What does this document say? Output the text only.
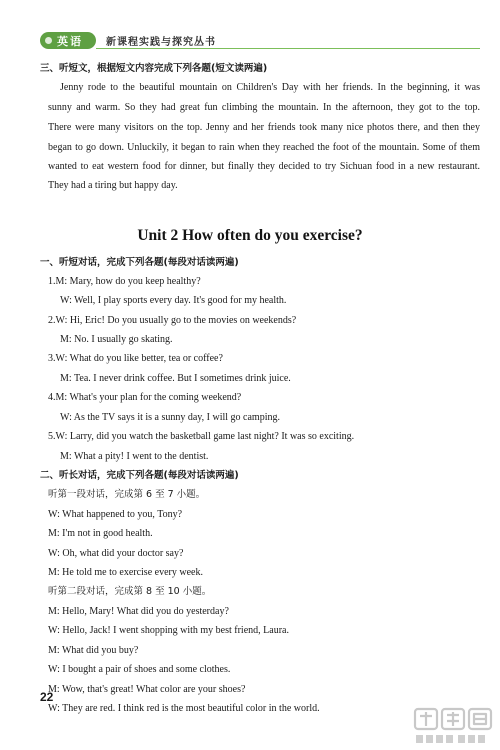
英语 新课程实践与探究丛书
三、听短文，根据短文内容完成下列各题(短文读两遍)
Jenny rode to the beautiful mountain on Children's Day with her friends. In the beginning, it was
sunny and warm. So they had great fun climbing the mountain. In the afternoon, they got to the top.
There were many visitors on the top. Jenny and her friends took many nice photos there, and then they
began to go down. Unluckily, it began to rain when they reached the foot of the mountain. Some of them
wanted to eat western food for dinner, but finally they decided to try Sichuan food in a new restaurant.
They had a tiring but happy day.
Unit 2 How often do you exercise?
一、听短对话，完成下列各题(每段对话读两遍)
1.M: Mary, how do you keep healthy?
W: Well, I play sports every day. It's good for my health.
2.W: Hi, Eric! Do you usually go to the movies on weekends?
M: No. I usually go skating.
3.W: What do you like better, tea or coffee?
M: Tea. I never drink coffee. But I sometimes drink juice.
4.M: What's your plan for the coming weekend?
W: As the TV says it is a sunny day, I will go camping.
5.W: Larry, did you watch the basketball game last night? It was so exciting.
M: What a pity! I went to the dentist.
二、听长对话，完成下列各题(每段对话读两遍)
听第一段对话，完成第 6 至 7 小题。
W: What happened to you, Tony?
M: I'm not in good health.
W: Oh, what did your doctor say?
M: He told me to exercise every week.
听第二段对话，完成第 8 至 10 小题。
M: Hello, Mary! What did you do yesterday?
W: Hello, Jack! I went shopping with my best friend, Laura.
M: What did you buy?
W: I bought a pair of shoes and some clothes.
M: Wow, that's great! What color are your shoes?
W: They are red. I think red is the most beautiful color in the world.
22
